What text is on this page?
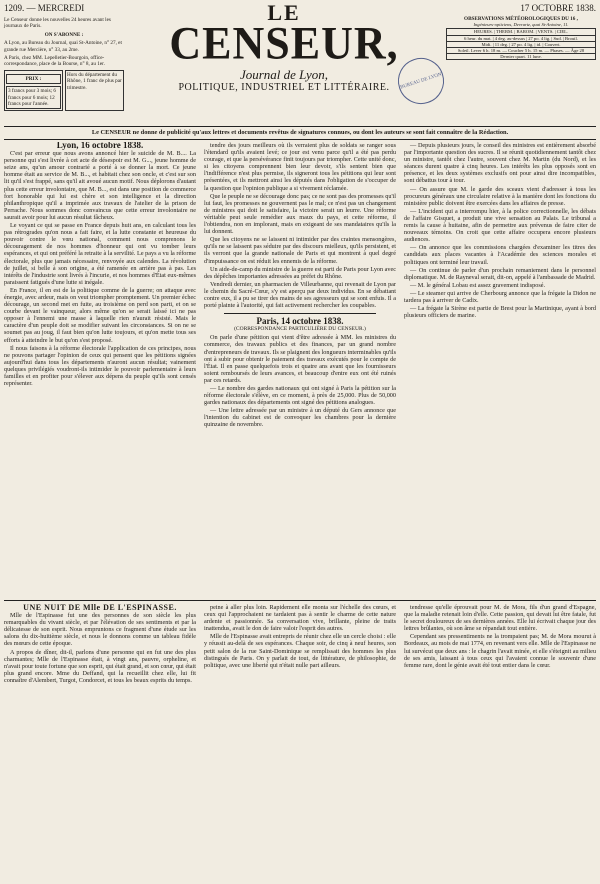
1209. — MERCREDI	17 OCTOBRE 1838.

Le Censeur donne les nouvelles 24 heures avant les journaux de Paris.

ON S'ABONNE :

A Lyon, au Bureau du Journal, quai St-Antoine, n° 27, et grande rue Mercière, n° 33, au 2me.

A Paris, chez MM. Lepelletier-Bourgoin, office-correspondance, place de la Bourse, n° 8, au 1er.

PRIX :
3 francs pour 3 mois; 6 francs pour 6 mois; 12 francs pour l'année.
Hors du département du Rhône, 1 franc de plus par trimestre.
LE
CENSEUR,
Journal de Lyon,
POLITIQUE, INDUSTRIEL ET LITTÉRAIRE.	BUREAU DE LYON
OBSERVATIONS MÉTÉOROLOGIQUES DU 16 ,
Ingénieurs-opticiens, Devrartz, quai St-Antoine, 11.
HEURES. | THERM. | BAROM. | VENTS. | CIEL.
6 heur. du mat. | 4 deg. au-dessus | 27 po. 4 lig. | Sud. | Brouil.
Midi. | 11 deg. | 27 po. 4 lig. | id. | Couvert.
Soleil. Lever 6 h. 18 m. — Coucher 5 h. 15 m. — Phases. — Âge 28
Dernier quart. 11 lune.
Le CENSEUR ne donne de publicité qu'aux lettres et documents revêtus de signatures connues, ou dont les auteurs se sont fait connaître de la Rédaction.

Lyon, 16 octobre 1838.

C'est par erreur que nous avons annoncé hier le suicide de M. B.... La personne qui s'est livrée à cet acte de désespoir est M. G..., jeune homme de seize ans, qu'un amour contrarié a porté à se donner la mort. Ce jeune homme était au service de M. B..., et habitait chez son oncle, et c'est sur son lit qu'il s'est frappé, sans qu'il ait avoué aucun motif. Nous déplorons d'autant plus cette erreur involontaire, que M. B..., est dans une position de commerce fort honorable qui lui est chère et son intelligence et la direction philanthropique qu'il a imprimée aux travaux de l'atelier de la prison de Perrache. Nous sommes donc convaincus que cette erreur involontaire ne saurait avoir pour lui aucun résultat fâcheux.

Le voyant ce qui se passe en France depuis huit ans, en calculant tous les pas rétrogrades qu'on nous a fait faire, et la lutte constante et heureuse du pouvoir contre le vœu national, comment nous comprenons le découragement de nos hommes d'honneur qui ont vu tomber leurs espérances, et qui ont préféré la retraite à la servilité. Le pays a vu la réforme électorale, plus que jamais nécessaire, renvoyée aux calendes. La révolution de juillet, si belle à son origine, a été ramenée en arrière pas à pas. Les intérêts de l'industrie sont livrés à l'incurie, et nos hommes d'État eux-mêmes paraissent fatigués d'une lutte si inégale.

En France, il en est de la politique comme de la guerre; on attaque avec énergie, avec ardeur, mais on veut triompher promptement. Un premier échec décourage, un second met en fuite, au troisième on perd son parti, et on se courbe devant le vainqueur, alors même qu'on se serait laissé ici ne pas opposer à l'ennemi une masse à laquelle rien n'aurait résisté. Mais le caractère d'un peuple doit se modifier suivant les circonstances. Si on ne se soumet pas au joug, il faut bien qu'on lutte toujours, et qu'on mette tous ses efforts à atteindre le but qu'on s'est proposé.

Il nous faisons à la réforme électorale l'application de ces principes, nous ne pouvons partager l'opinion de ceux qui pensent que les pétitions signées aujourd'hui dans tous les départements n'auront aucun résultat; vainement quelques privilégiés voudront-ils intimider le pouvoir parlementaire à leurs familles et en profiter pour s'élever aux dépens du peuple qu'ils sont censés représenter.

tendre des jours meilleurs où ils verraient plus de soldats se ranger sous l'étendard qu'ils avaient levé; ce jour est venu parce qu'il a été pas perdu courage, et que la persévérance finit toujours par triompher. Cette unité donc, si les citoyens comprennent bien leur devoir, s'ils sentent bien que l'indifférence n'est plus permise, ils signeront tous les pétitions qui leur sont présentées, et ils mettront ainsi les députés dans l'obligation de s'occuper de la question que l'opinion publique a si vivement réclamée.

Que le peuple ne se décourage donc pas; ce ne sont pas des promesses qu'il lui faut, les promesses ne gouvernent pas le mal; ce n'est pas un changement de ministres qui doit le satisfaire, la victoire serait un leurre. Une réforme véritable peut seule remédier aux maux du pays, et cette réforme, il l'obtiendra, non en implorant, mais en exigeant de ses mandataires qu'ils la lui donnent.

Que les citoyens ne se laissent ni intimider par des craintes mensongères, qu'ils ne se laissent pas séduire par des discours mielleux, qu'ils persistent, et ils verront que la grande nationale de Paris et qui montrent à quel degré d'impuissance on est réduit les ennemis de la réforme.

Un aide-de-camp du ministre de la guerre est parti de Paris pour Lyon avec des dépêches importantes adressées au préfet du Rhône.

Vendredi dernier, un pharmacien de Villeurbanne, qui revenait de Lyon par le chemin du Sacré-Cœur, s'y est aperçu par deux individus. En se débattant contre eux, il a pu se tirer des mains de ses agresseurs qui se sont enfuis. Il a porté plainte à l'autorité, qui fait activement rechercher les coupables.

Paris, 14 octobre 1838.

(CORRESPONDANCE PARTICULIÈRE DU CENSEUR.)

On parle d'une pétition qui vient d'être adressée à MM. les ministres du commerce, des travaux publics et des finances, par un grand nombre d'entrepreneurs de travaux. Ils se plaignent des longueurs interminables qu'ils ont à subir pour obtenir le paiement des travaux exécutés pour le compte de l'État. Il en passe quelquefois trois et quatre ans avant que les fournisseurs soient remboursés de leurs avances, et beaucoup d'entre eux ont été ruinés par ces retards.

— Le nombre des gardes nationaux qui ont signé à Paris la pétition sur la réforme électorale s'élève, en ce moment, à près de 25,000. Plus de 50,000 gardes nationaux des départements ont signé des pétitions analogues.

— Une lettre adressée par un ministre à un député du Gers annonce que l'intention du cabinet est de convoquer les chambres pour la dernière quinzaine de novembre.

— Depuis plusieurs jours, le conseil des ministres est entièrement absorbé par l'importante question des sucres. Il se réunit quotidiennement tantôt chez un ministre, tantôt chez l'autre, souvent chez M. Martin (du Nord), et les séances durent quatre à cinq heures. Les intérêts les plus opposés sont en présence, et les deux systèmes exclusifs ont pour ainsi dire incompatibles, sont débattus tour à tour.

— On assure que M. le garde des sceaux vient d'adresser à tous les procureurs généraux une circulaire relative à la manière dont les fonctions du ministère public doivent être exercées dans les affaires de presse.

— L'incident qui a interrompu hier, à la police correctionnelle, les débats de l'affaire Gisquet, a produit une vive sensation au Palais. Le tribunal a remis la cause à huitaine, afin de permettre aux prévenus de faire citer de nouveaux témoins. On croit que cette affaire occupera encore plusieurs audiences.

— On annonce que les commissions chargées d'examiner les titres des candidats aux places vacantes à l'Académie des sciences morales et politiques ont terminé leur travail.

— On continue de parler d'un prochain remaniement dans le personnel diplomatique. M. de Rayneval serait, dit-on, appelé à l'ambassade de Madrid.

— M. le général Lobau est assez gravement indisposé.

— Le steamer qui arrive de Cherbourg annonce que la frégate la Didon ne tardera pas à arriver de Cadix.

— La frégate la Sirène est partie de Brest pour la Martinique, ayant à bord plusieurs officiers de marine.

UNE NUIT DE Mlle DE L'ESPINASSE.

Mlle de l'Espinasse fut une des personnes de son siècle les plus remarquables du vivant siècle, et par l'élévation de ses sentiments et par la délicatesse de son esprit. Nous empruntons ce fragment d'une étude sur les salons du dix-huitième siècle, et nous le donnons comme un tableau fidèle des mœurs de cette époque.

A propos de dîner, dit-il, parlons d'une personne qui en fut une des plus charmantes; Mlle de l'Espinasse était, à vingt ans, pauvre, orpheline, et n'avait pour toute fortune que son esprit, qui était grand, et son cœur, qui était plus grand encore. Mme du Deffand, qui la recueillit chez elle, lui fit connaître d'Alembert, Turgot, Condorcet, et tous les beaux esprits du temps.

peine à aller plus loin. Rapidement elle monta sur l'échelle des cœurs, et ceux qui l'approchaient ne tardaient pas à sentir le charme de cette nature ardente et passionnée. Sa conversation vive, brillante, pleine de traits inattendus, avait le don de faire valoir l'esprit des autres.

Mlle de l'Espinasse avait entrepris de réunir chez elle un cercle choisi : elle y réussit au-delà de ses espérances. Chaque soir, de cinq à neuf heures, son petit salon de la rue Saint-Dominique se remplissait des hommes les plus distingués de Paris. On y parlait de tout, de littérature, de philosophie, de politique, avec une liberté qui n'était nulle part ailleurs.

tendresse qu'elle éprouvait pour M. de Mora, fils d'un grand d'Espagne, que la maladie retenait loin d'elle. Cette passion, qui devait lui être fatale, fut le secret douloureux de ses dernières années. Elle lui écrivait chaque jour des lettres brûlantes, où son âme se répandait tout entière.

Cependant ses pressentiments ne la trompaient pas; M. de Mora mourut à Bordeaux, au mois de mai 1774, en revenant vers elle. Mlle de l'Espinasse ne lui survécut que deux ans : le chagrin l'avait minée, et elle s'éteignit au milieu de ses amis, laissant à tous ceux qui l'avaient connue le souvenir d'une femme rare, dont le génie avait été tout entier dans le cœur.
